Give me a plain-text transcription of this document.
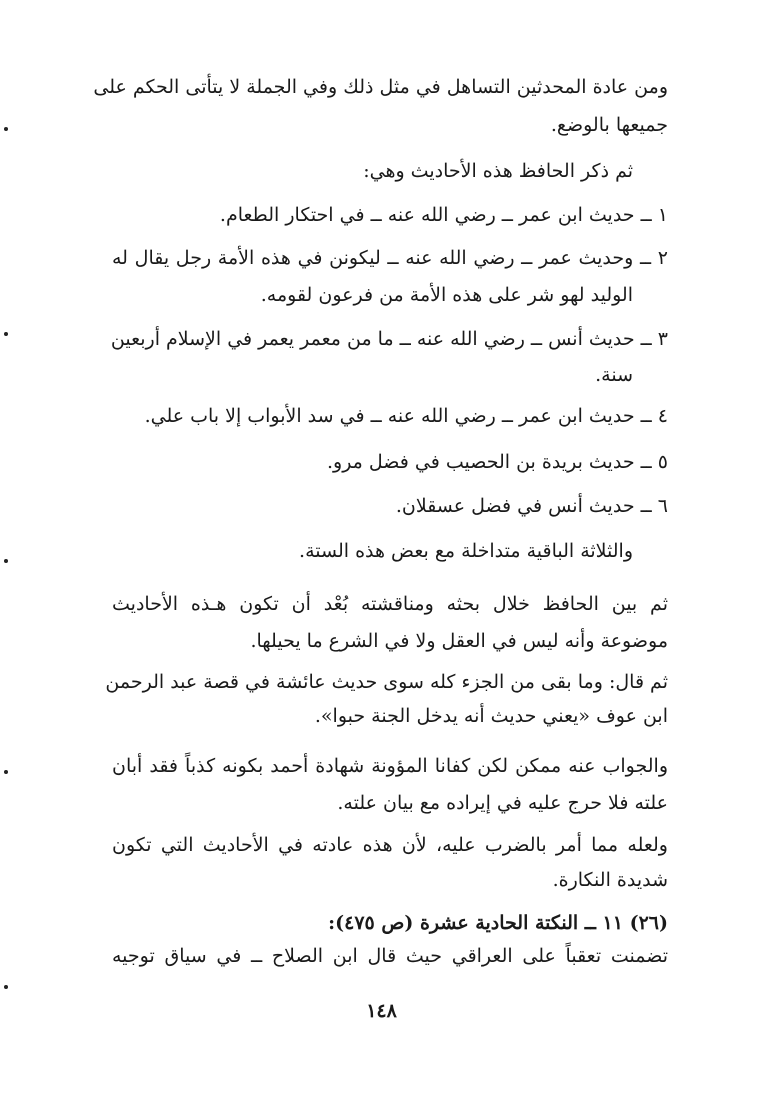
ومن عادة المحدثين التساهل في مثل ذلك وفي الجملة لا يتأتى الحكم على
جميعها بالوضع.
ثم ذكر الحافظ هذه الأحاديث وهي:
١ ــ حديث ابن عمر ــ رضي الله عنه ــ في احتكار الطعام.
٢ ــ وحديث عمر ــ رضي الله عنه ــ ليكونن في هذه الأمة رجل يقال له
الوليد لهو شر على هذه الأمة من فرعون لقومه.
٣ ــ حديث أنس ــ رضي الله عنه ــ ما من معمر يعمر في الإسلام أربعين
سنة.
٤ ــ حديث ابن عمر ــ رضي الله عنه ــ في سد الأبواب إلا باب علي.
٥ ــ حديث بريدة بن الحصيب في فضل مرو.
٦ ــ حديث أنس في فضل عسقلان.
والثلاثة الباقية متداخلة مع بعض هذه الستة.
ثم بين الحافظ خلال بحثه ومناقشته بُعْد أن تكون هـذه الأحاديث
موضوعة وأنه ليس في العقل ولا في الشرع ما يحيلها.
ثم قال: وما بقى من الجزء كله سوى حديث عائشة في قصة عبد الرحمن
ابن عوف «يعني حديث أنه يدخل الجنة حبوا».
والجواب عنه ممكن لكن كفانا المؤونة شهادة أحمد بكونه كذباً فقد أبان
علته فلا حرج عليه في إيراده مع بيان علته.
ولعله مما أمر بالضرب عليه، لأن هذه عادته في الأحاديث التي تكون
شديدة النكارة.
(٢٦) ١١ ــ النكتة الحادية عشرة (ص ٤٧٥):
تضمنت تعقباً على العراقي حيث قال ابن الصلاح ــ في سياق توجيه
١٤٨
